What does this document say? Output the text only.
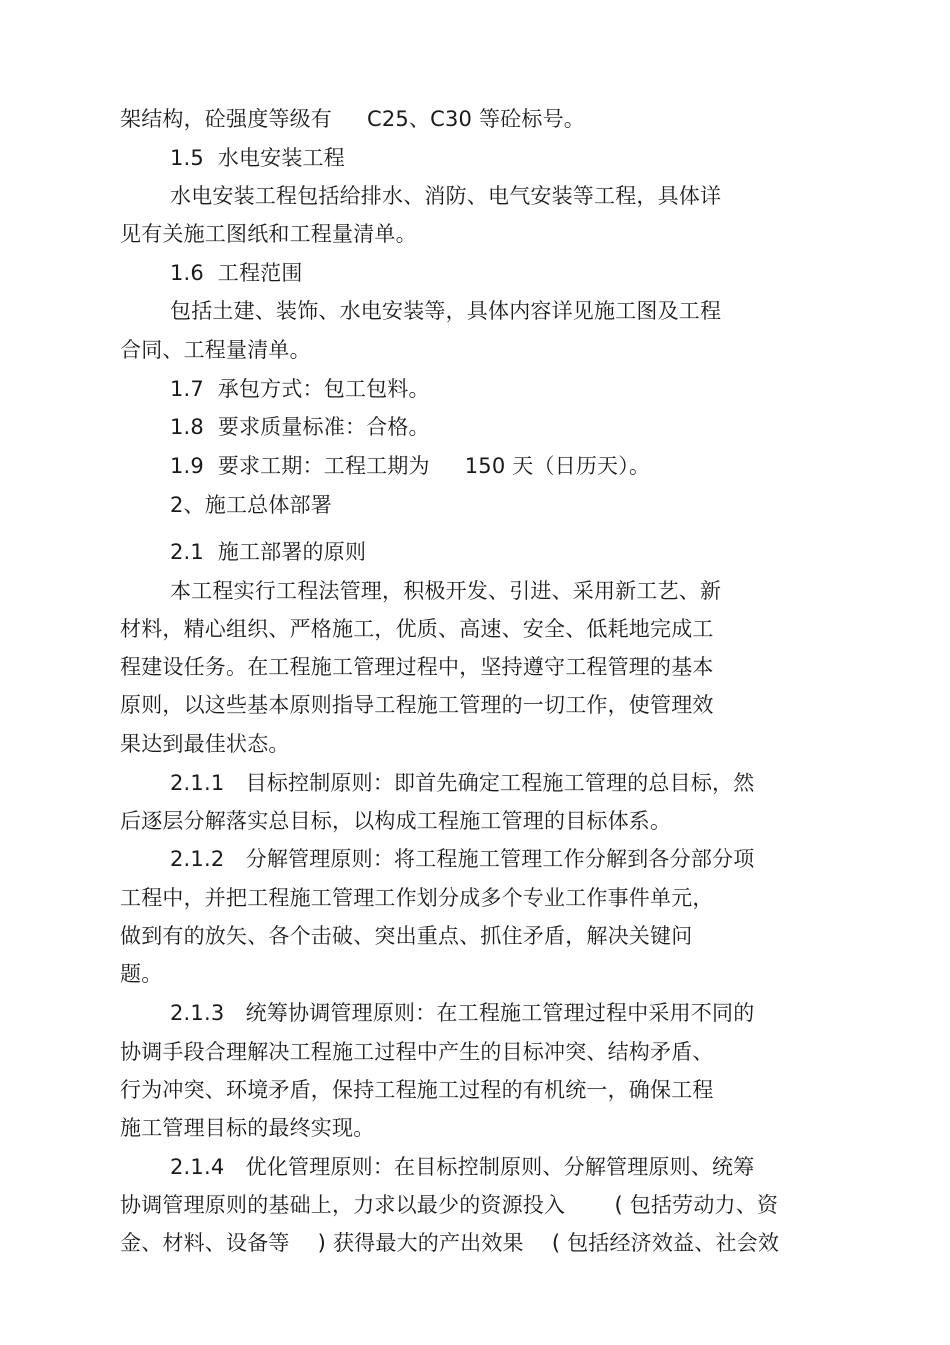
架结构，砼强度等级有　  C25、C30 等砼标号。
1.5  水电安装工程
水电安装工程包括给排水、消防、电气安装等工程，具体详
见有关施工图纸和工程量清单。
1.6  工程范围
包括土建、装饰、水电安装等，具体内容详见施工图及工程
合同、工程量清单。
1.7  承包方式：包工包料。
1.8  要求质量标准：合格。
1.9  要求工期：工程工期为　  150 天（日历天）。
2、施工总体部署
2.1  施工部署的原则
本工程实行工程法管理，积极开发、引进、采用新工艺、新
材料，精心组织、严格施工，优质、高速、安全、低耗地完成工
程建设任务。在工程施工管理过程中，坚持遵守工程管理的基本
原则，以这些基本原则指导工程施工管理的一切工作，使管理效
果达到最佳状态。
2.1.1　目标控制原则：即首先确定工程施工管理的总目标，然
后逐层分解落实总目标，以构成工程施工管理的目标体系。
2.1.2　分解管理原则：将工程施工管理工作分解到各分部分项
工程中，并把工程施工管理工作划分成多个专业工作事件单元，
做到有的放矢、各个击破、突出重点、抓住矛盾，解决关键问
题。
2.1.3　统筹协调管理原则：在工程施工管理过程中采用不同的
协调手段合理解决工程施工过程中产生的目标冲突、结构矛盾、
行为冲突、环境矛盾，保持工程施工过程的有机统一，确保工程
施工管理目标的最终实现。
2.1.4　优化管理原则：在目标控制原则、分解管理原则、统筹
协调管理原则的基础上，力求以最少的资源投入　　 ( 包括劳动力、资
金、材料、设备等　 ) 获得最大的产出效果　 ( 包括经济效益、社会效
